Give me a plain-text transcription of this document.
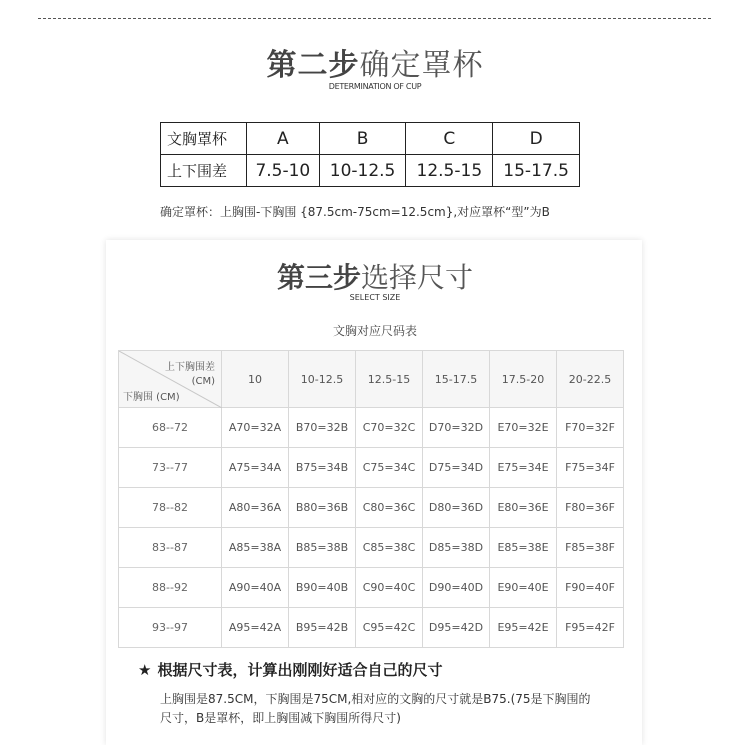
第二步确定罩杯
DETERMINATION OF CUP
文胸罩杯	A	B	C	D
上下围差	7.5-10	10-12.5	12.5-15	15-17.5
确定罩杯：上胸围-下胸围 {87.5cm-75cm=12.5cm},对应罩杯“型”为B
第三步选择尺寸
SELECT SIZE
文胸对应尺码表
上下胸围差
(CM)
下胸围 (CM)	10	10-12.5	12.5-15	15-17.5	17.5-20	20-22.5
68--72	A70=32A	B70=32B	C70=32C	D70=32D	E70=32E	F70=32F
73--77	A75=34A	B75=34B	C75=34C	D75=34D	E75=34E	F75=34F
78--82	A80=36A	B80=36B	C80=36C	D80=36D	E80=36E	F80=36F
83--87	A85=38A	B85=38B	C85=38C	D85=38D	E85=38E	F85=38F
88--92	A90=40A	B90=40B	C90=40C	D90=40D	E90=40E	F90=40F
93--97	A95=42A	B95=42B	C95=42C	D95=42D	E95=42E	F95=42F
★ 根据尺寸表，计算出刚刚好适合自己的尺寸
上胸围是87.5CM，下胸围是75CM,相对应的文胸的尺寸就是B75.(75是下胸围的尺寸，B是罩杯，即上胸围减下胸围所得尺寸)
